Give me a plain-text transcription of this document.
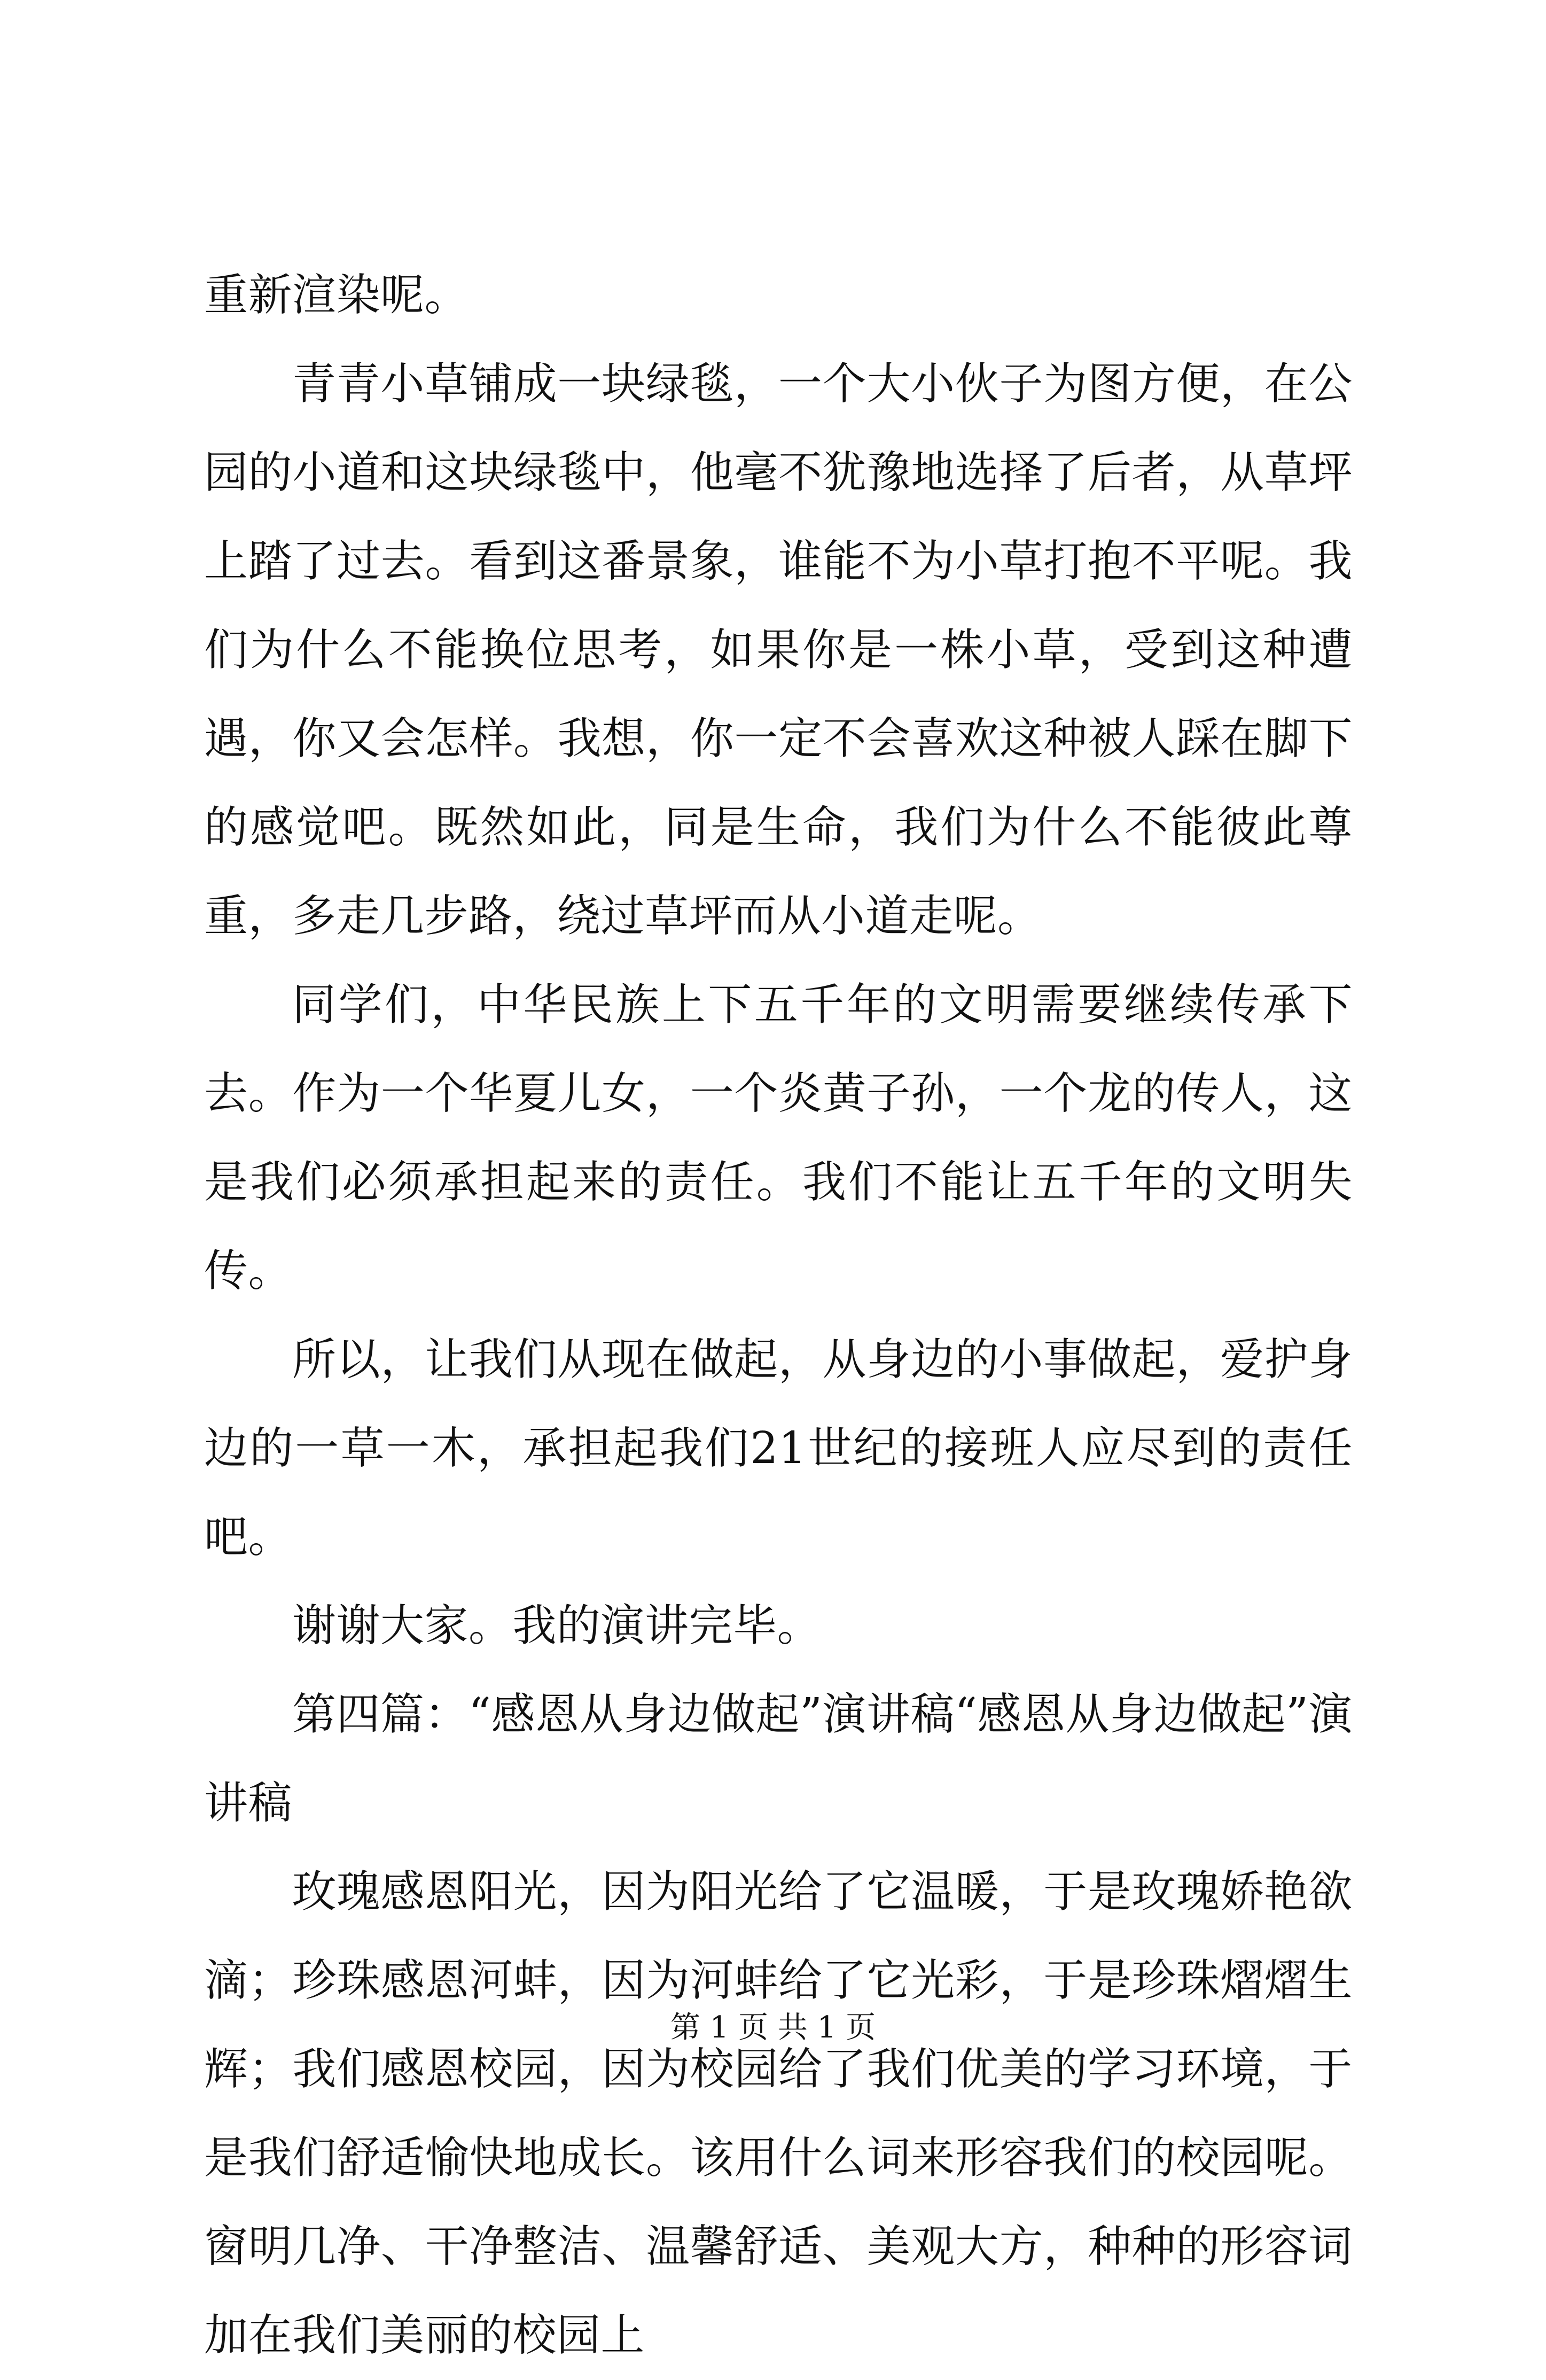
重新渲染呢。

青青小草铺成一块绿毯，一个大小伙子为图方便，在公园的小道和这块绿毯中，他毫不犹豫地选择了后者，从草坪上踏了过去。看到这番景象，谁能不为小草打抱不平呢。我们为什么不能换位思考，如果你是一株小草，受到这种遭遇，你又会怎样。我想，你一定不会喜欢这种被人踩在脚下的感觉吧。既然如此，同是生命，我们为什么不能彼此尊重，多走几步路，绕过草坪而从小道走呢。

同学们，中华民族上下五千年的文明需要继续传承下去。作为一个华夏儿女，一个炎黄子孙，一个龙的传人，这是我们必须承担起来的责任。我们不能让五千年的文明失传。

所以，让我们从现在做起，从身边的小事做起，爱护身边的一草一木，承担起我们21世纪的接班人应尽到的责任吧。

谢谢大家。我的演讲完毕。

第四篇：“感恩从身边做起”演讲稿“感恩从身边做起”演讲稿

玫瑰感恩阳光，因为阳光给了它温暖，于是玫瑰娇艳欲滴；珍珠感恩河蚌，因为河蚌给了它光彩，于是珍珠熠熠生辉；我们感恩校园，因为校园给了我们优美的学习环境，于是我们舒适愉快地成长。该用什么词来形容我们的校园呢。窗明几净、干净整洁、温馨舒适、美观大方，种种的形容词加在我们美丽的校园上

第 1 页 共 1 页
